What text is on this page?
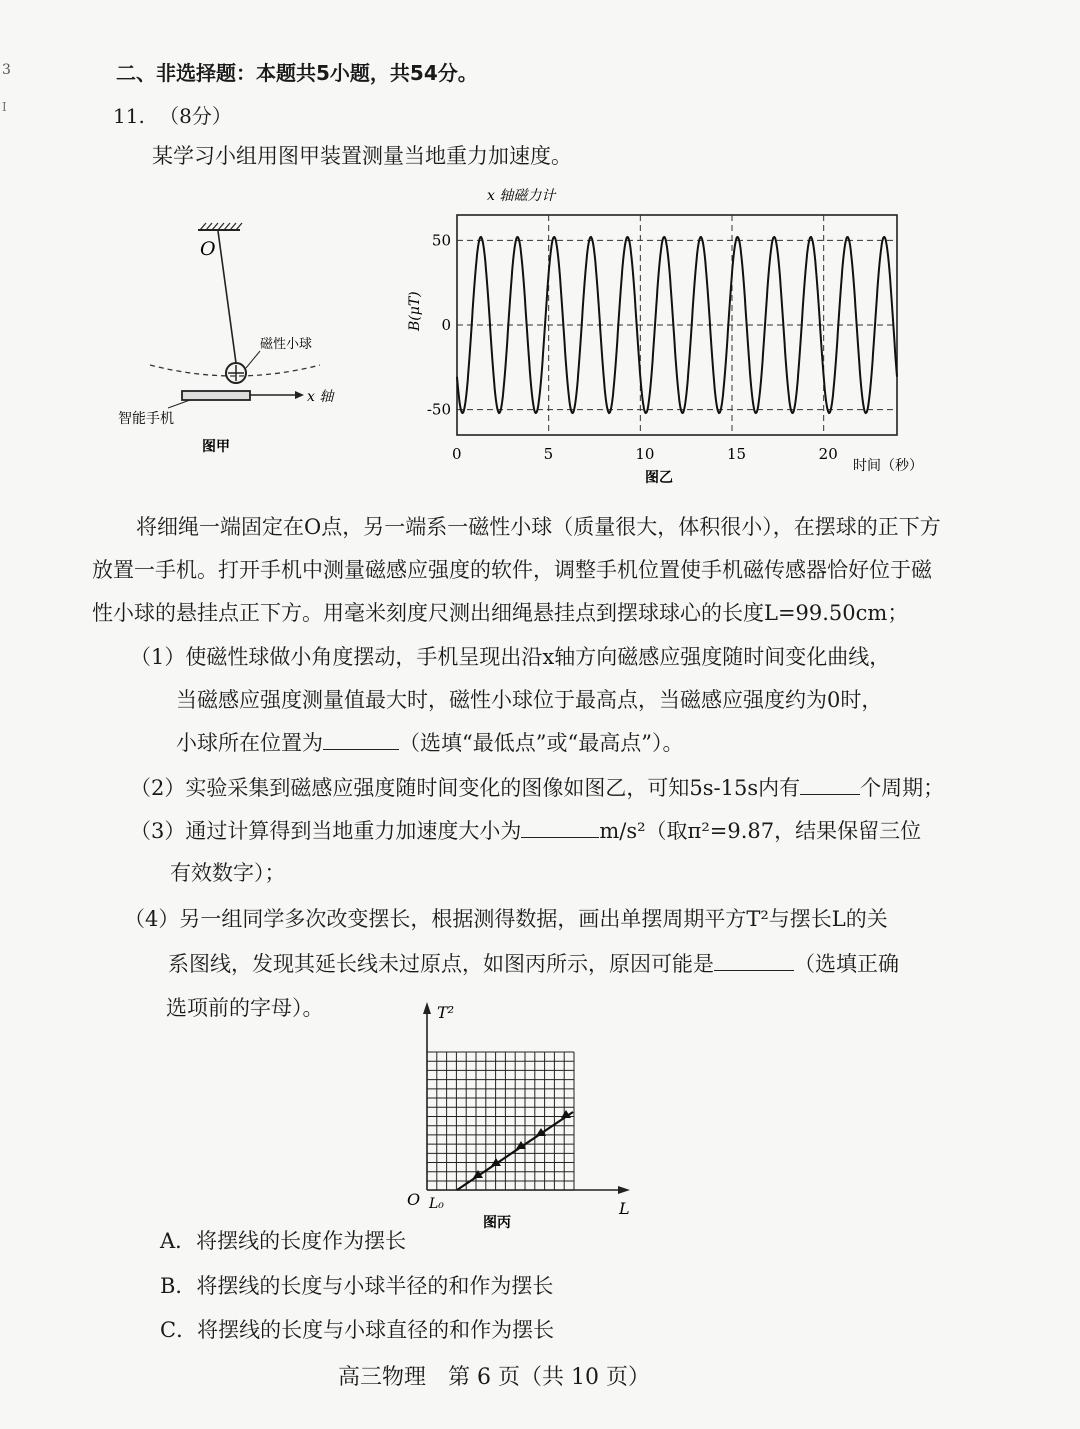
3
I
二、非选择题：本题共5小题，共54分。
11. （8分）
某学习小组用图甲装置测量当地重力加速度。
O
磁性小球
x 轴
智能手机
图甲
x 轴磁力计
0	5	10	15	20
50
0
-50
B(μT)
时间（秒）
图乙
将细绳一端固定在O点，另一端系一磁性小球（质量很大，体积很小），在摆球的正下方放置一手机。打开手机中测量磁感应强度的软件，调整手机位置使手机磁传感器恰好位于磁性小球的悬挂点正下方。用毫米刻度尺测出细绳悬挂点到摆球球心的长度L=99.50cm；
（1）使磁性球做小角度摆动，手机呈现出沿x轴方向磁感应强度随时间变化曲线，
当磁感应强度测量值最大时，磁性小球位于最高点，当磁感应强度约为0时，
小球所在位置为	（选填“最低点”或“最高点”）。
（2）实验采集到磁感应强度随时间变化的图像如图乙，可知5s-15s内有	个周期；
（3）通过计算得到当地重力加速度大小为	m/s²（取π²=9.87，结果保留三位
有效数字）；
（4）另一组同学多次改变摆长，根据测得数据，画出单摆周期平方T²与摆长L的关
系图线，发现其延长线未过原点，如图丙所示，原因可能是	（选填正确
选项前的字母）。	T²
O L₀	L
图丙
A．将摆线的长度作为摆长
B．将摆线的长度与小球半径的和作为摆长
C．将摆线的长度与小球直径的和作为摆长
高三物理　第 6 页（共 10 页）
